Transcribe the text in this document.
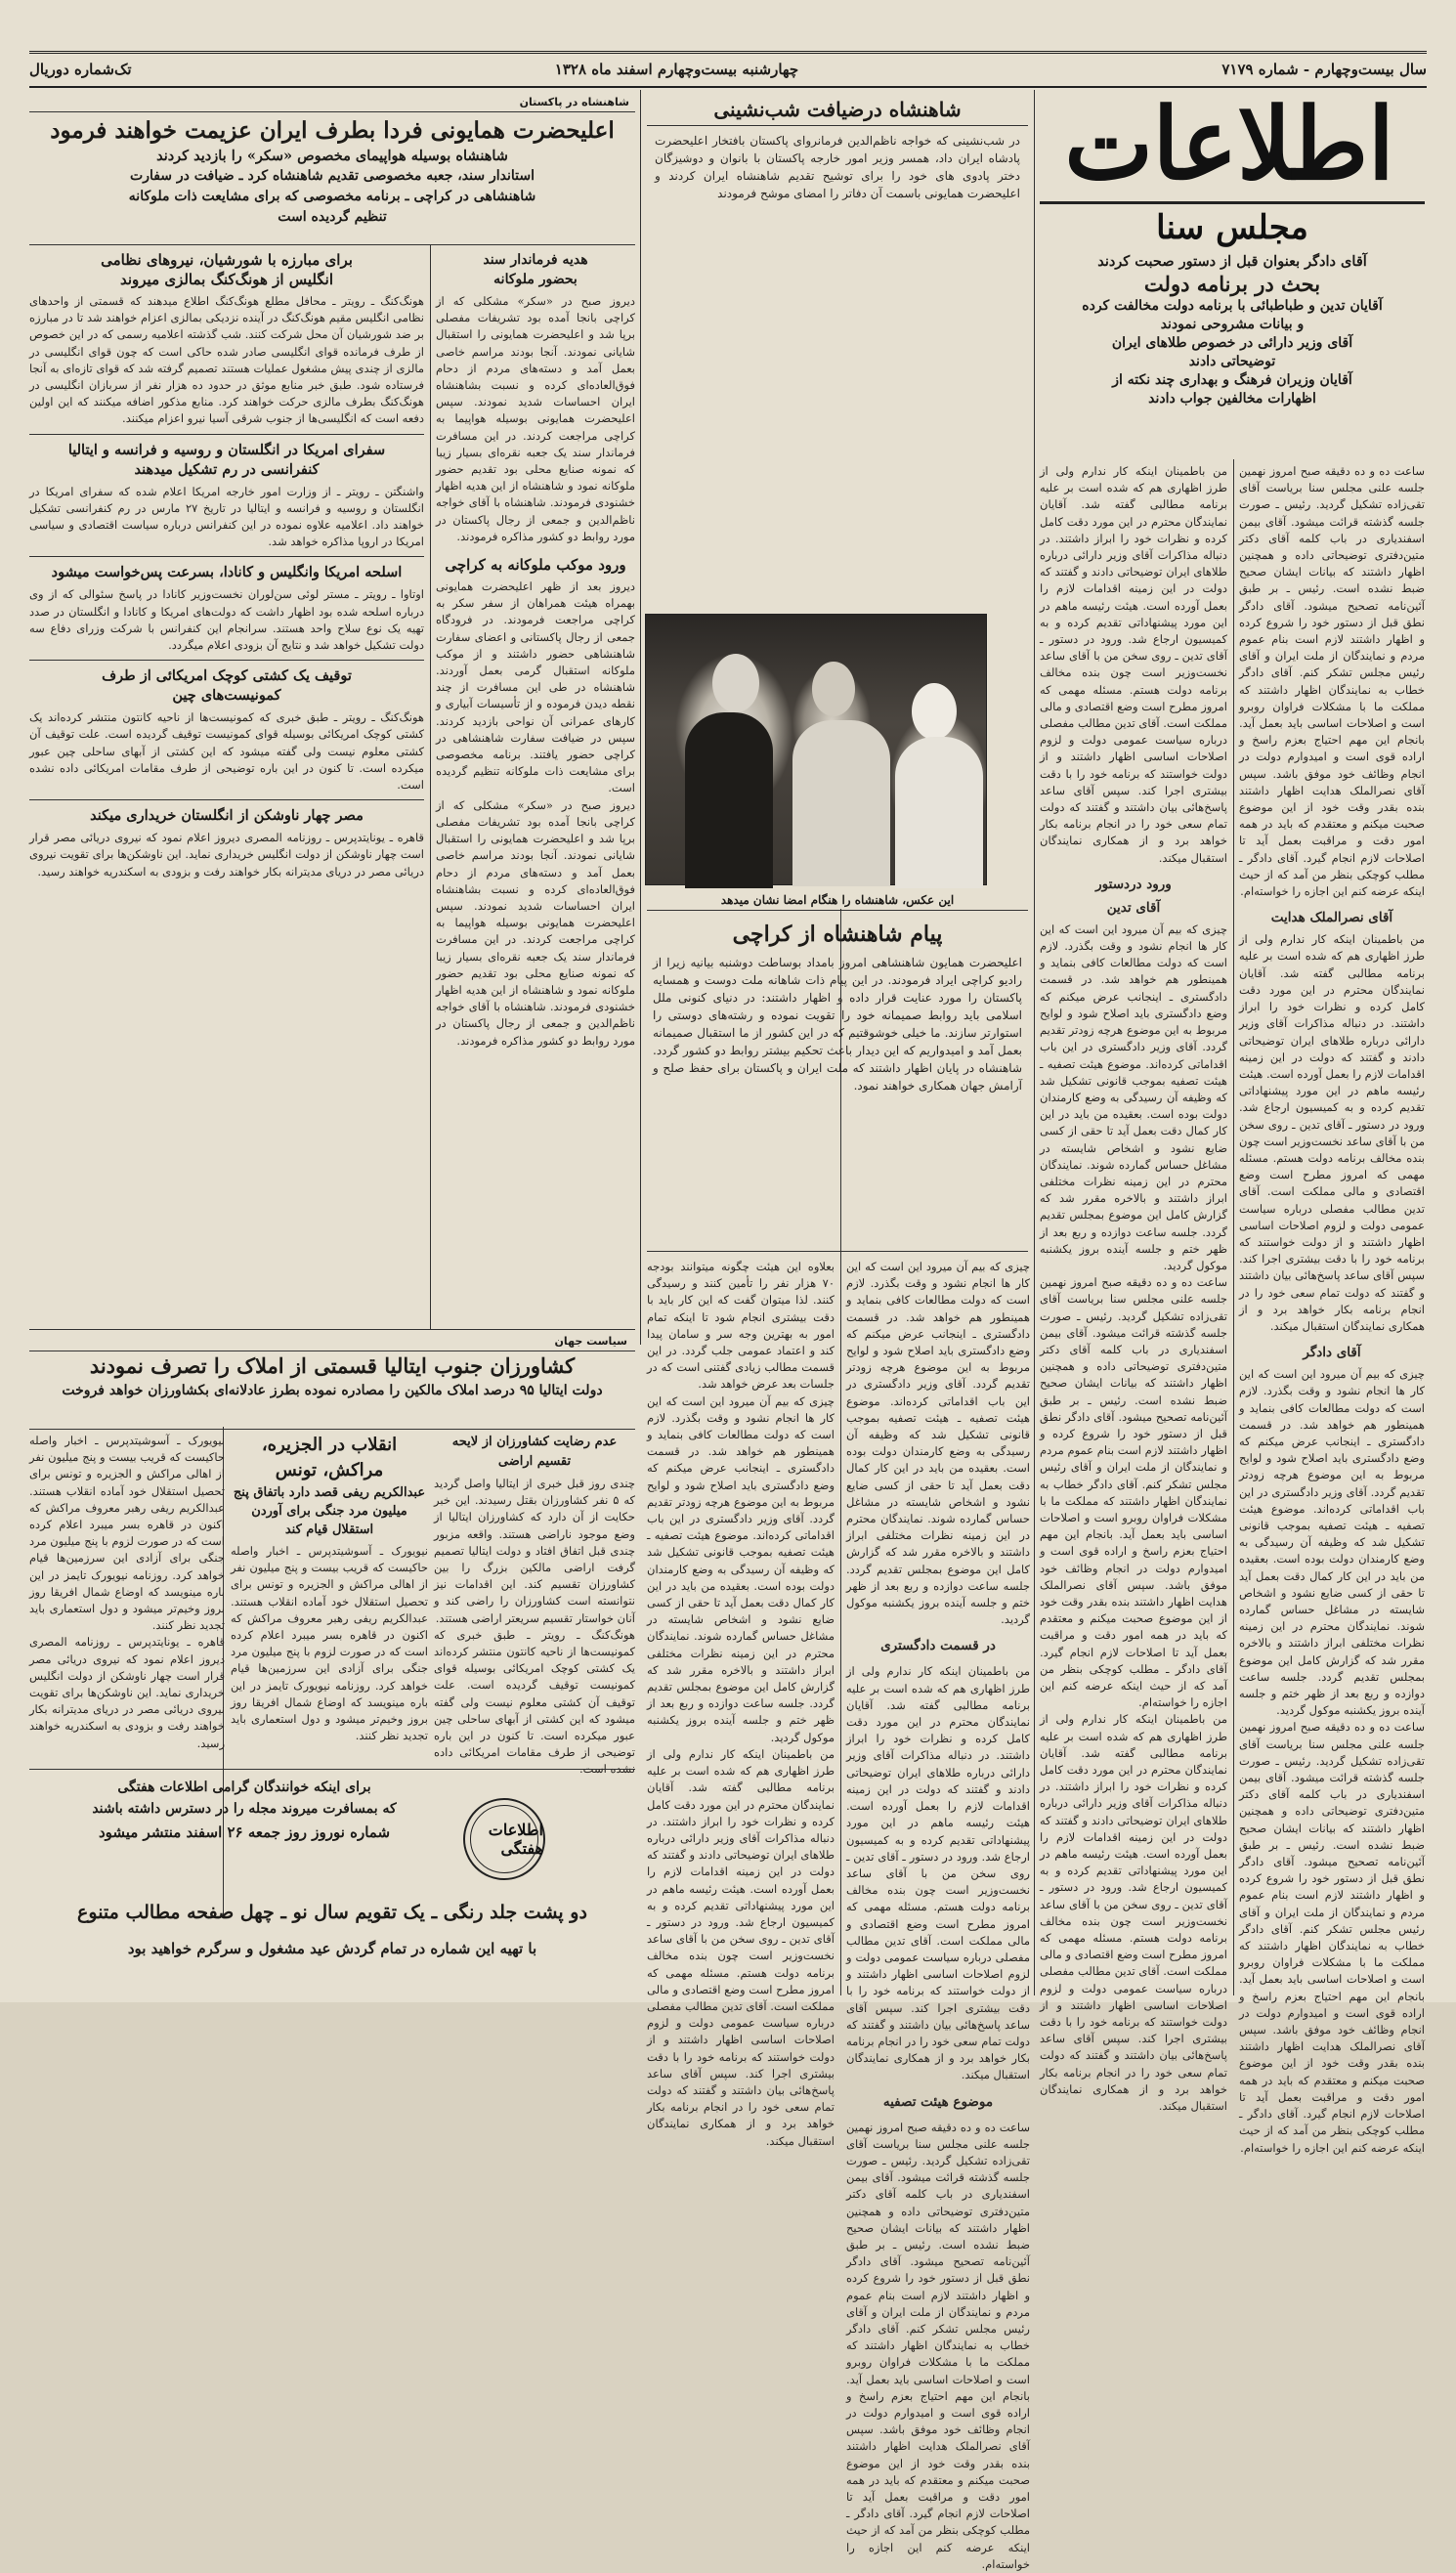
سال بیست‌وچهارم - شماره ۷۱۷۹
چهارشنبه بیست‌وچهارم اسفند ماه ۱۳۲۸
تک‌شماره دوریال
اطلاعات
مجلس سنا
آقای دادگر بعنوان قبل از دستور صحبت کردند
بحث در برنامه دولت
آقایان تدین و طباطبائی با برنامه دولت مخالفت کرده
و بیانات مشروحی نمودند
آقای وزیر دارائی در خصوص طلاهای ایران
توضیحاتی دادند
آقایان وزیران فرهنگ و بهداری چند نکته از
اظهارات مخالفین جواب دادند
ساعت ده و ده دقیقه صبح امروز نهمین جلسه علنی مجلس سنا بریاست آقای تقی‌زاده تشکیل گردید. رئیس ـ صورت جلسه گذشته قرائت میشود. آقای بیمن اسفندیاری در باب کلمه آقای دکتر متین‌دفتری توضیحاتی داده و همچنین اظهار داشتند که بیانات ایشان صحیح ضبط نشده است. رئیس ـ بر طبق آئین‌نامه تصحیح میشود. آقای دادگر نطق قبل از دستور خود را شروع کرده و اظهار داشتند لازم است بنام عموم مردم و نمایندگان از ملت ایران و آقای رئیس مجلس تشکر کنم. آقای دادگر خطاب به نمایندگان اظهار داشتند که مملکت ما با مشکلات فراوان روبرو است و اصلاحات اساسی باید بعمل آید. بانجام این مهم احتیاج بعزم راسخ و اراده قوی است و امیدوارم دولت در انجام وظائف خود موفق باشد. سپس آقای نصرالملک هدایت اظهار داشتند بنده بقدر وقت خود از این موضوع صحبت میکنم و معتقدم که باید در همه امور دقت و مراقبت بعمل آید تا اصلاحات لازم انجام گیرد. آقای دادگر ـ مطلب کوچکی بنظر من آمد که از حیث اینکه عرضه کنم این اجازه را خواسته‌ام.
آقای نصرالملک هدایت
من باطمینان اینکه کار ندارم ولی از طرز اظهاری هم که شده است بر علیه برنامه مطالبی گفته شد. آقایان نمایندگان محترم در این مورد دقت کامل کرده و نظرات خود را ابراز داشتند. در دنباله مذاکرات آقای وزیر دارائی درباره طلاهای ایران توضیحاتی دادند و گفتند که دولت در این زمینه اقدامات لازم را بعمل آورده است. هیئت رئیسه ماهم در این مورد پیشنهاداتی تقدیم کرده و به کمیسیون ارجاع شد. ورود در دستور ـ آقای تدین ـ روی سخن من با آقای ساعد نخست‌وزیر است چون بنده مخالف برنامه دولت هستم. مسئله مهمی که امروز مطرح است وضع اقتصادی و مالی مملکت است. آقای تدین مطالب مفصلی درباره سیاست عمومی دولت و لزوم اصلاحات اساسی اظهار داشتند و از دولت خواستند که برنامه خود را با دقت بیشتری اجرا کند. سپس آقای ساعد پاسخ‌هائی بیان داشتند و گفتند که دولت تمام سعی خود را در انجام برنامه بکار خواهد برد و از همکاری نمایندگان استقبال میکند.
آقای دادگر
چیزی که بیم آن میرود این است که این کار ها انجام نشود و وقت بگذرد. لازم است که دولت مطالعات کافی بنماید و همینطور هم خواهد شد. در قسمت دادگستری ـ اینجانب عرض میکنم که وضع دادگستری باید اصلاح شود و لوایح مربوط به این موضوع هرچه زودتر تقدیم گردد. آقای وزیر دادگستری در این باب اقداماتی کرده‌اند. موضوع هیئت تصفیه ـ هیئت تصفیه بموجب قانونی تشکیل شد که وظیفه آن رسیدگی به وضع کارمندان دولت بوده است. بعقیده من باید در این کار کمال دقت بعمل آید تا حقی از کسی ضایع نشود و اشخاص شایسته در مشاغل حساس گمارده شوند. نمایندگان محترم در این زمینه نظرات مختلفی ابراز داشتند و بالاخره مقرر شد که گزارش کامل این موضوع بمجلس تقدیم گردد. جلسه ساعت دوازده و ربع بعد از ظهر ختم و جلسه آینده بروز یکشنبه موکول گردید.
ساعت ده و ده دقیقه صبح امروز نهمین جلسه علنی مجلس سنا بریاست آقای تقی‌زاده تشکیل گردید. رئیس ـ صورت جلسه گذشته قرائت میشود. آقای بیمن اسفندیاری در باب کلمه آقای دکتر متین‌دفتری توضیحاتی داده و همچنین اظهار داشتند که بیانات ایشان صحیح ضبط نشده است. رئیس ـ بر طبق آئین‌نامه تصحیح میشود. آقای دادگر نطق قبل از دستور خود را شروع کرده و اظهار داشتند لازم است بنام عموم مردم و نمایندگان از ملت ایران و آقای رئیس مجلس تشکر کنم. آقای دادگر خطاب به نمایندگان اظهار داشتند که مملکت ما با مشکلات فراوان روبرو است و اصلاحات اساسی باید بعمل آید. بانجام این مهم احتیاج بعزم راسخ و اراده قوی است و امیدوارم دولت در انجام وظائف خود موفق باشد. سپس آقای نصرالملک هدایت اظهار داشتند بنده بقدر وقت خود از این موضوع صحبت میکنم و معتقدم که باید در همه امور دقت و مراقبت بعمل آید تا اصلاحات لازم انجام گیرد. آقای دادگر ـ مطلب کوچکی بنظر من آمد که از حیث اینکه عرضه کنم این اجازه را خواسته‌ام.
من باطمینان اینکه کار ندارم ولی از طرز اظهاری هم که شده است بر علیه برنامه مطالبی گفته شد. آقایان نمایندگان محترم در این مورد دقت کامل کرده و نظرات خود را ابراز داشتند. در دنباله مذاکرات آقای وزیر دارائی درباره طلاهای ایران توضیحاتی دادند و گفتند که دولت در این زمینه اقدامات لازم را بعمل آورده است. هیئت رئیسه ماهم در این مورد پیشنهاداتی تقدیم کرده و به کمیسیون ارجاع شد. ورود در دستور ـ آقای تدین ـ روی سخن من با آقای ساعد نخست‌وزیر است چون بنده مخالف برنامه دولت هستم. مسئله مهمی که امروز مطرح است وضع اقتصادی و مالی مملکت است. آقای تدین مطالب مفصلی درباره سیاست عمومی دولت و لزوم اصلاحات اساسی اظهار داشتند و از دولت خواستند که برنامه خود را با دقت بیشتری اجرا کند. سپس آقای ساعد پاسخ‌هائی بیان داشتند و گفتند که دولت تمام سعی خود را در انجام برنامه بکار خواهد برد و از همکاری نمایندگان استقبال میکند.
ورود دردستور
آقای تدین
چیزی که بیم آن میرود این است که این کار ها انجام نشود و وقت بگذرد. لازم است که دولت مطالعات کافی بنماید و همینطور هم خواهد شد. در قسمت دادگستری ـ اینجانب عرض میکنم که وضع دادگستری باید اصلاح شود و لوایح مربوط به این موضوع هرچه زودتر تقدیم گردد. آقای وزیر دادگستری در این باب اقداماتی کرده‌اند. موضوع هیئت تصفیه ـ هیئت تصفیه بموجب قانونی تشکیل شد که وظیفه آن رسیدگی به وضع کارمندان دولت بوده است. بعقیده من باید در این کار کمال دقت بعمل آید تا حقی از کسی ضایع نشود و اشخاص شایسته در مشاغل حساس گمارده شوند. نمایندگان محترم در این زمینه نظرات مختلفی ابراز داشتند و بالاخره مقرر شد که گزارش کامل این موضوع بمجلس تقدیم گردد. جلسه ساعت دوازده و ربع بعد از ظهر ختم و جلسه آینده بروز یکشنبه موکول گردید.
ساعت ده و ده دقیقه صبح امروز نهمین جلسه علنی مجلس سنا بریاست آقای تقی‌زاده تشکیل گردید. رئیس ـ صورت جلسه گذشته قرائت میشود. آقای بیمن اسفندیاری در باب کلمه آقای دکتر متین‌دفتری توضیحاتی داده و همچنین اظهار داشتند که بیانات ایشان صحیح ضبط نشده است. رئیس ـ بر طبق آئین‌نامه تصحیح میشود. آقای دادگر نطق قبل از دستور خود را شروع کرده و اظهار داشتند لازم است بنام عموم مردم و نمایندگان از ملت ایران و آقای رئیس مجلس تشکر کنم. آقای دادگر خطاب به نمایندگان اظهار داشتند که مملکت ما با مشکلات فراوان روبرو است و اصلاحات اساسی باید بعمل آید. بانجام این مهم احتیاج بعزم راسخ و اراده قوی است و امیدوارم دولت در انجام وظائف خود موفق باشد. سپس آقای نصرالملک هدایت اظهار داشتند بنده بقدر وقت خود از این موضوع صحبت میکنم و معتقدم که باید در همه امور دقت و مراقبت بعمل آید تا اصلاحات لازم انجام گیرد. آقای دادگر ـ مطلب کوچکی بنظر من آمد که از حیث اینکه عرضه کنم این اجازه را خواسته‌ام.
من باطمینان اینکه کار ندارم ولی از طرز اظهاری هم که شده است بر علیه برنامه مطالبی گفته شد. آقایان نمایندگان محترم در این مورد دقت کامل کرده و نظرات خود را ابراز داشتند. در دنباله مذاکرات آقای وزیر دارائی درباره طلاهای ایران توضیحاتی دادند و گفتند که دولت در این زمینه اقدامات لازم را بعمل آورده است. هیئت رئیسه ماهم در این مورد پیشنهاداتی تقدیم کرده و به کمیسیون ارجاع شد. ورود در دستور ـ آقای تدین ـ روی سخن من با آقای ساعد نخست‌وزیر است چون بنده مخالف برنامه دولت هستم. مسئله مهمی که امروز مطرح است وضع اقتصادی و مالی مملکت است. آقای تدین مطالب مفصلی درباره سیاست عمومی دولت و لزوم اصلاحات اساسی اظهار داشتند و از دولت خواستند که برنامه خود را با دقت بیشتری اجرا کند. سپس آقای ساعد پاسخ‌هائی بیان داشتند و گفتند که دولت تمام سعی خود را در انجام برنامه بکار خواهد برد و از همکاری نمایندگان استقبال میکند.
شاهنشاه درضیافت شب‌نشینی
در شب‌نشینی که خواجه ناظم‌الدین فرمانروای پاکستان بافتخار اعلیحضرت پادشاه ایران داد، همسر وزیر امور خارجه پاکستان با بانوان و دوشیزگان دختر پادوی های خود را برای توشیح تقدیم شاهنشاه ایران کردند و اعلیحضرت همایونی باسمت آن دفاتر را امضای موشح فرمودند
این عکس، شاهنشاه را هنگام امضا نشان میدهد
پیام شاهنشاه از کراچی
اعلیحضرت همایون شاهنشاهی امروز بامداد بوساطت دوشنبه بیانیه زیرا از رادیو کراچی ایراد فرمودند. در این پیام ذات شاهانه ملت دوست و همسایه پاکستان را مورد عنایت قرار داده و اظهار داشتند: در دنیای کنونی ملل اسلامی باید روابط صمیمانه خود را تقویت نموده و رشته‌های دوستی را استوارتر سازند. ما خیلی خوشوقتیم که در این کشور از ما استقبال صمیمانه بعمل آمد و امیدواریم که این دیدار باعث تحکیم بیشتر روابط دو کشور گردد. شاهنشاه در پایان اظهار داشتند که ملت ایران و پاکستان برای حفظ صلح و آرامش جهان همکاری خواهند نمود.
چیزی که بیم آن میرود این است که این کار ها انجام نشود و وقت بگذرد. لازم است که دولت مطالعات کافی بنماید و همینطور هم خواهد شد. در قسمت دادگستری ـ اینجانب عرض میکنم که وضع دادگستری باید اصلاح شود و لوایح مربوط به این موضوع هرچه زودتر تقدیم گردد. آقای وزیر دادگستری در این باب اقداماتی کرده‌اند. موضوع هیئت تصفیه ـ هیئت تصفیه بموجب قانونی تشکیل شد که وظیفه آن رسیدگی به وضع کارمندان دولت بوده است. بعقیده من باید در این کار کمال دقت بعمل آید تا حقی از کسی ضایع نشود و اشخاص شایسته در مشاغل حساس گمارده شوند. نمایندگان محترم در این زمینه نظرات مختلفی ابراز داشتند و بالاخره مقرر شد که گزارش کامل این موضوع بمجلس تقدیم گردد. جلسه ساعت دوازده و ربع بعد از ظهر ختم و جلسه آینده بروز یکشنبه موکول گردید.
در قسمت دادگستری
من باطمینان اینکه کار ندارم ولی از طرز اظهاری هم که شده است بر علیه برنامه مطالبی گفته شد. آقایان نمایندگان محترم در این مورد دقت کامل کرده و نظرات خود را ابراز داشتند. در دنباله مذاکرات آقای وزیر دارائی درباره طلاهای ایران توضیحاتی دادند و گفتند که دولت در این زمینه اقدامات لازم را بعمل آورده است. هیئت رئیسه ماهم در این مورد پیشنهاداتی تقدیم کرده و به کمیسیون ارجاع شد. ورود در دستور ـ آقای تدین ـ روی سخن من با آقای ساعد نخست‌وزیر است چون بنده مخالف برنامه دولت هستم. مسئله مهمی که امروز مطرح است وضع اقتصادی و مالی مملکت است. آقای تدین مطالب مفصلی درباره سیاست عمومی دولت و لزوم اصلاحات اساسی اظهار داشتند و از دولت خواستند که برنامه خود را با دقت بیشتری اجرا کند. سپس آقای ساعد پاسخ‌هائی بیان داشتند و گفتند که دولت تمام سعی خود را در انجام برنامه بکار خواهد برد و از همکاری نمایندگان استقبال میکند.
موضوع هیئت تصفیه
ساعت ده و ده دقیقه صبح امروز نهمین جلسه علنی مجلس سنا بریاست آقای تقی‌زاده تشکیل گردید. رئیس ـ صورت جلسه گذشته قرائت میشود. آقای بیمن اسفندیاری در باب کلمه آقای دکتر متین‌دفتری توضیحاتی داده و همچنین اظهار داشتند که بیانات ایشان صحیح ضبط نشده است. رئیس ـ بر طبق آئین‌نامه تصحیح میشود. آقای دادگر نطق قبل از دستور خود را شروع کرده و اظهار داشتند لازم است بنام عموم مردم و نمایندگان از ملت ایران و آقای رئیس مجلس تشکر کنم. آقای دادگر خطاب به نمایندگان اظهار داشتند که مملکت ما با مشکلات فراوان روبرو است و اصلاحات اساسی باید بعمل آید. بانجام این مهم احتیاج بعزم راسخ و اراده قوی است و امیدوارم دولت در انجام وظائف خود موفق باشد. سپس آقای نصرالملک هدایت اظهار داشتند بنده بقدر وقت خود از این موضوع صحبت میکنم و معتقدم که باید در همه امور دقت و مراقبت بعمل آید تا اصلاحات لازم انجام گیرد. آقای دادگر ـ مطلب کوچکی بنظر من آمد که از حیث اینکه عرضه کنم این اجازه را خواسته‌ام.
بعلاوه این هیئت چگونه میتوانند بودجه ۷۰ هزار نفر را تأمین کنند و رسیدگی کنند. لذا میتوان گفت که این کار باید با دقت بیشتری انجام شود تا اینکه تمام امور به بهترین وجه سر و سامان پیدا کند و اعتماد عمومی جلب گردد. در این قسمت مطالب زیادی گفتنی است که در جلسات بعد عرض خواهد شد.
چیزی که بیم آن میرود این است که این کار ها انجام نشود و وقت بگذرد. لازم است که دولت مطالعات کافی بنماید و همینطور هم خواهد شد. در قسمت دادگستری ـ اینجانب عرض میکنم که وضع دادگستری باید اصلاح شود و لوایح مربوط به این موضوع هرچه زودتر تقدیم گردد. آقای وزیر دادگستری در این باب اقداماتی کرده‌اند. موضوع هیئت تصفیه ـ هیئت تصفیه بموجب قانونی تشکیل شد که وظیفه آن رسیدگی به وضع کارمندان دولت بوده است. بعقیده من باید در این کار کمال دقت بعمل آید تا حقی از کسی ضایع نشود و اشخاص شایسته در مشاغل حساس گمارده شوند. نمایندگان محترم در این زمینه نظرات مختلفی ابراز داشتند و بالاخره مقرر شد که گزارش کامل این موضوع بمجلس تقدیم گردد. جلسه ساعت دوازده و ربع بعد از ظهر ختم و جلسه آینده بروز یکشنبه موکول گردید.
من باطمینان اینکه کار ندارم ولی از طرز اظهاری هم که شده است بر علیه برنامه مطالبی گفته شد. آقایان نمایندگان محترم در این مورد دقت کامل کرده و نظرات خود را ابراز داشتند. در دنباله مذاکرات آقای وزیر دارائی درباره طلاهای ایران توضیحاتی دادند و گفتند که دولت در این زمینه اقدامات لازم را بعمل آورده است. هیئت رئیسه ماهم در این مورد پیشنهاداتی تقدیم کرده و به کمیسیون ارجاع شد. ورود در دستور ـ آقای تدین ـ روی سخن من با آقای ساعد نخست‌وزیر است چون بنده مخالف برنامه دولت هستم. مسئله مهمی که امروز مطرح است وضع اقتصادی و مالی مملکت است. آقای تدین مطالب مفصلی درباره سیاست عمومی دولت و لزوم اصلاحات اساسی اظهار داشتند و از دولت خواستند که برنامه خود را با دقت بیشتری اجرا کند. سپس آقای ساعد پاسخ‌هائی بیان داشتند و گفتند که دولت تمام سعی خود را در انجام برنامه بکار خواهد برد و از همکاری نمایندگان استقبال میکند.
شاهنشاه در پاکستان
اعلیحضرت همایونی فردا بطرف ایران عزیمت خواهند فرمود
شاهنشاه بوسیله هواپیمای مخصوص «سکر» را بازدید کردند
استاندار سند، جعبه مخصوصی تقدیم شاهنشاه کرد ـ ضیافت در سفارت
شاهنشاهی در کراچی ـ برنامه مخصوصی که برای مشایعت ذات ملوکانه
تنظیم گردیده است
هدیه فرماندار سند
بحضور ملوکانه
دیروز صبح در «سکر» مشکلی که از کراچی بانجا آمده بود تشریفات مفصلی برپا شد و اعلیحضرت همایونی را استقبال شایانی نمودند. آنجا بودند مراسم خاصی بعمل آمد و دسته‌های مردم از دحام فوق‌العاده‌ای کرده و نسبت بشاهنشاه ایران احساسات شدید نمودند. سپس اعلیحضرت همایونی بوسیله هواپیما به کراچی مراجعت کردند. در این مسافرت فرماندار سند یک جعبه نقره‌ای بسیار زیبا که نمونه صنایع محلی بود تقدیم حضور ملوکانه نمود و شاهنشاه از این هدیه اظهار خشنودی فرمودند. شاهنشاه با آقای خواجه ناظم‌الدین و جمعی از رجال پاکستان در مورد روابط دو کشور مذاکره فرمودند.
ورود موکب ملوکانه به کراچی
دیروز بعد از ظهر اعلیحضرت همایونی بهمراه هیئت همراهان از سفر سکر به کراچی مراجعت فرمودند. در فرودگاه جمعی از رجال پاکستانی و اعضای سفارت شاهنشاهی حضور داشتند و از موکب ملوکانه استقبال گرمی بعمل آوردند. شاهنشاه در طی این مسافرت از چند نقطه دیدن فرموده و از تأسیسات آبیاری و کارهای عمرانی آن نواحی بازدید کردند. سپس در ضیافت سفارت شاهنشاهی در کراچی حضور یافتند. برنامه مخصوصی برای مشایعت ذات ملوکانه تنظیم گردیده است.
دیروز صبح در «سکر» مشکلی که از کراچی بانجا آمده بود تشریفات مفصلی برپا شد و اعلیحضرت همایونی را استقبال شایانی نمودند. آنجا بودند مراسم خاصی بعمل آمد و دسته‌های مردم از دحام فوق‌العاده‌ای کرده و نسبت بشاهنشاه ایران احساسات شدید نمودند. سپس اعلیحضرت همایونی بوسیله هواپیما به کراچی مراجعت کردند. در این مسافرت فرماندار سند یک جعبه نقره‌ای بسیار زیبا که نمونه صنایع محلی بود تقدیم حضور ملوکانه نمود و شاهنشاه از این هدیه اظهار خشنودی فرمودند. شاهنشاه با آقای خواجه ناظم‌الدین و جمعی از رجال پاکستان در مورد روابط دو کشور مذاکره فرمودند.
برای مبارزه با شورشیان، نیروهای نظامی
انگلیس از هونگ‌کنگ بمالزی میروند
هونگ‌کنگ ـ رویتر ـ محافل مطلع هونگ‌کنگ اطلاع میدهند که قسمتی از واحدهای نظامی انگلیس مقیم هونگ‌کنگ در آینده نزدیکی بمالزی اعزام خواهند شد تا در مبارزه بر ضد شورشیان آن محل شرکت کنند. شب گذشته اعلامیه رسمی که در این خصوص از طرف فرمانده قوای انگلیسی صادر شده حاکی است که چون قوای انگلیسی در مالزی از چندی پیش مشغول عملیات هستند تصمیم گرفته شد که قوای تازه‌ای به آنجا فرستاده شود. طبق خبر منابع موثق در حدود ده هزار نفر از سربازان انگلیسی در هونگ‌کنگ بطرف مالزی حرکت خواهند کرد. منابع مذکور اضافه میکنند که این اولین دفعه است که انگلیسی‌ها از جنوب شرقی آسیا نیرو اعزام میکنند.
سفرای امریکا در انگلستان و روسیه و فرانسه و ایتالیا
کنفرانسی در رم تشکیل میدهند
واشنگتن ـ رویتر ـ از وزارت امور خارجه امریکا اعلام شده که سفرای امریکا در انگلستان و روسیه و فرانسه و ایتالیا در تاریخ ۲۷ مارس در رم کنفرانسی تشکیل خواهند داد. اعلامیه علاوه نموده در این کنفرانس درباره سیاست اقتصادی و سیاسی امریکا در اروپا مذاکره خواهد شد.
اسلحه امریکا وانگلیس و کانادا، بسرعت پس‌خواست میشود
اوتاوا ـ رویتر ـ مستر لوئی سن‌لوران نخست‌وزیر کانادا در پاسخ سئوالی که از وی درباره اسلحه شده بود اظهار داشت که دولت‌های امریکا و کانادا و انگلستان در صدد تهیه یک نوع سلاح واحد هستند. سرانجام این کنفرانس با شرکت وزرای دفاع سه دولت تشکیل خواهد شد و نتایج آن بزودی اعلام میگردد.
توقیف یک کشتی کوچک امریکائی از طرف
کمونیست‌های چین
هونگ‌کنگ ـ رویتر ـ طبق خبری که کمونیست‌ها از ناحیه کانتون منتشر کرده‌اند یک کشتی کوچک امریکائی بوسیله قوای کمونیست توقیف گردیده است. علت توقیف آن کشتی معلوم نیست ولی گفته میشود که این کشتی از آبهای ساحلی چین عبور میکرده است. تا کنون در این باره توضیحی از طرف مقامات امریکائی داده نشده است.
مصر چهار ناوشکن از انگلستان خریداری میکند
قاهره ـ یونایتدپرس ـ روزنامه المصری دیروز اعلام نمود که نیروی دریائی مصر قرار است چهار ناوشکن از دولت انگلیس خریداری نماید. این ناوشکن‌ها برای تقویت نیروی دریائی مصر در دریای مدیترانه بکار خواهند رفت و بزودی به اسکندریه خواهند رسید.
سیاست جهان
کشاورزان جنوب ایتالیا قسمتی از املاک را تصرف نمودند
دولت ایتالیا ۹۵ درصد املاک مالکین را مصادره نموده بطرز عادلانه‌ای بکشاورزان خواهد فروخت
عدم رضایت کشاورزان از لایحه تقسیم اراضی
چندی روز قبل خبری از ایتالیا واصل گردید که ۵ نفر کشاورزان بقتل رسیدند. این خبر حکایت از آن دارد که کشاورزان ایتالیا از وضع موجود ناراضی هستند. واقعه مزبور چندی قبل اتفاق افتاد و دولت ایتالیا تصمیم گرفت اراضی مالکین بزرگ را بین کشاورزان تقسیم کند. این اقدامات نیز نتوانسته است کشاورزان را راضی کند و آنان خواستار تقسیم سریعتر اراضی هستند.
هونگ‌کنگ ـ رویتر ـ طبق خبری که کمونیست‌ها از ناحیه کانتون منتشر کرده‌اند یک کشتی کوچک امریکائی بوسیله قوای کمونیست توقیف گردیده است. علت توقیف آن کشتی معلوم نیست ولی گفته میشود که این کشتی از آبهای ساحلی چین عبور میکرده است. تا کنون در این باره توضیحی از طرف مقامات امریکائی داده نشده است.
انقلاب در الجزیره، مراکش، تونس
عبدالکریم ریفی قصد دارد باتفاق پنج میلیون مرد جنگی برای آوردن استقلال قیام کند
نیویورک ـ آسوشیتدپرس ـ اخبار واصله حاکیست که قریب بیست و پنج میلیون نفر از اهالی مراکش و الجزیره و تونس برای تحصیل استقلال خود آماده انقلاب هستند. عبدالکریم ریفی رهبر معروف مراکش که اکنون در قاهره بسر میبرد اعلام کرده است که در صورت لزوم با پنج میلیون مرد جنگی برای آزادی این سرزمین‌ها قیام خواهد کرد. روزنامه نیویورک تایمز در این باره مینویسد که اوضاع شمال افریقا روز بروز وخیم‌تر میشود و دول استعماری باید تجدید نظر کنند.
نیویورک ـ آسوشیتدپرس ـ اخبار واصله حاکیست که قریب بیست و پنج میلیون نفر از اهالی مراکش و الجزیره و تونس برای تحصیل استقلال خود آماده انقلاب هستند. عبدالکریم ریفی رهبر معروف مراکش که اکنون در قاهره بسر میبرد اعلام کرده است که در صورت لزوم با پنج میلیون مرد جنگی برای آزادی این سرزمین‌ها قیام خواهد کرد. روزنامه نیویورک تایمز در این باره مینویسد که اوضاع شمال افریقا روز بروز وخیم‌تر میشود و دول استعماری باید تجدید نظر کنند.
قاهره ـ یونایتدپرس ـ روزنامه المصری دیروز اعلام نمود که نیروی دریائی مصر قرار است چهار ناوشکن از دولت انگلیس خریداری نماید. این ناوشکن‌ها برای تقویت نیروی دریائی مصر در دریای مدیترانه بکار خواهند رفت و بزودی به اسکندریه خواهند رسید.
اطلاعات هفتگی
برای اینکه خوانندگان گرامی اطلاعات هفتگی
که بمسافرت میروند مجله را در دسترس داشته باشند
شماره نوروز روز جمعه ۲۶ اسفند منتشر میشود
دو پشت جلد رنگی ـ یک تقویم سال نو ـ چهل صفحه مطالب متنوع
با تهیه این شماره در تمام گردش عید مشغول و سرگرم خواهید بود
